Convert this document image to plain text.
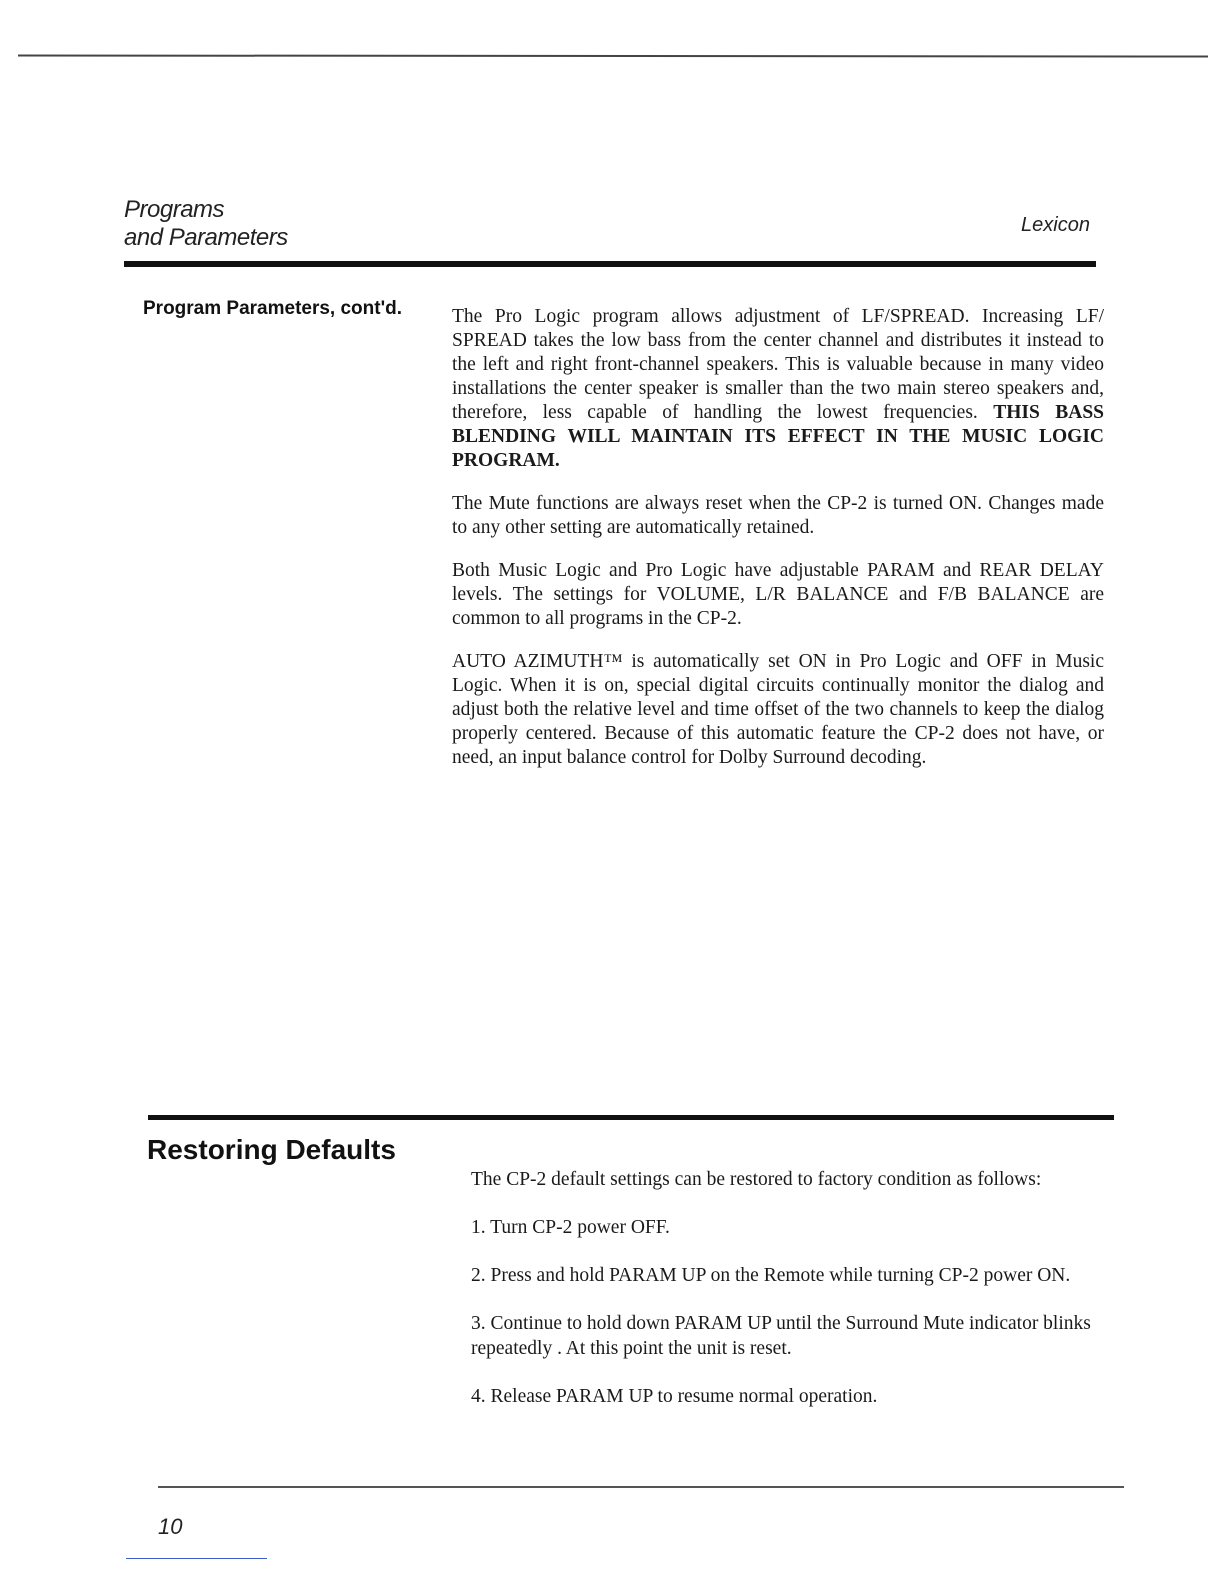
Programs
and Parameters	Lexicon
Program Parameters, cont'd.	The Pro Logic program allows adjustment of LF/SPREAD. Increasing LF/ SPREAD takes the low bass from the center channel and distributes it instead to the left and right front-channel speakers. This is valuable because in many video installations the center speaker is smaller than the two main stereo speakers and, therefore, less capable of handling the lowest frequencies. THIS BASS BLENDING WILL MAINTAIN ITS EFFECT IN THE MUSIC LOGIC PROGRAM.

The Mute functions are always reset when the CP-2 is turned ON. Changes made to any other setting are automatically retained.

Both Music Logic and Pro Logic have adjustable PARAM and REAR DELAY levels. The settings for VOLUME, L/R BALANCE and F/B BALANCE are common to all programs in the CP-2.

AUTO AZIMUTH™ is automatically set ON in Pro Logic and OFF in Music Logic. When it is on, special digital circuits continually monitor the dialog and adjust both the relative level and time offset of the two channels to keep the dialog properly centered. Because of this automatic feature the CP-2 does not have, or need, an input balance control for Dolby Surround decoding.

Restoring Defaults

The CP-2 default settings can be restored to factory condition as follows:

1. Turn CP-2 power OFF.

2. Press and hold PARAM UP on the Remote while turning CP-2 power ON.

3. Continue to hold down PARAM UP until the Surround Mute indicator blinks repeatedly . At this point the unit is reset.

4. Release PARAM UP to resume normal operation.

10
